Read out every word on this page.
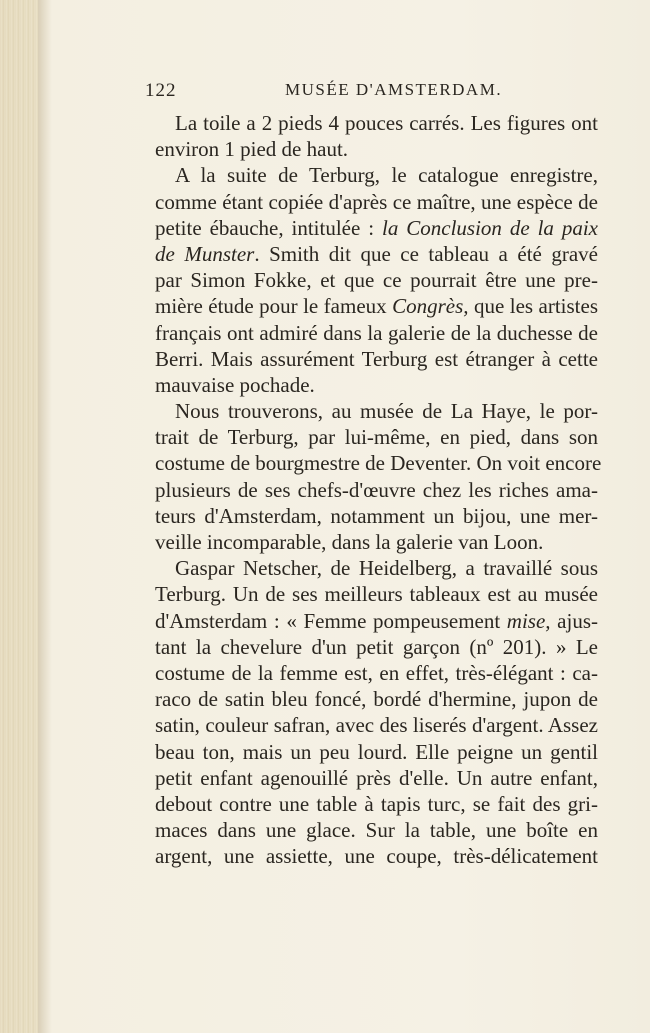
122	MUSÉE D'AMSTERDAM.
La toile a 2 pieds 4 pouces carrés. Les figures ont
environ 1 pied de haut.
A la suite de Terburg, le catalogue enregistre,
comme étant copiée d'après ce maître, une espèce de
petite ébauche, intitulée : la Conclusion de la paix
de Munster. Smith dit que ce tableau a été gravé
par Simon Fokke, et que ce pourrait être une pre-
mière étude pour le fameux Congrès, que les artistes
français ont admiré dans la galerie de la duchesse de
Berri. Mais assurément Terburg est étranger à cette
mauvaise pochade.
Nous trouverons, au musée de La Haye, le por-
trait de Terburg, par lui-même, en pied, dans son
costume de bourgmestre de Deventer. On voit encore
plusieurs de ses chefs-d'œuvre chez les riches ama-
teurs d'Amsterdam, notamment un bijou, une mer-
veille incomparable, dans la galerie van Loon.
Gaspar Netscher, de Heidelberg, a travaillé sous
Terburg. Un de ses meilleurs tableaux est au musée
d'Amsterdam : « Femme pompeusement mise, ajus-
tant la chevelure d'un petit garçon (nº 201). » Le
costume de la femme est, en effet, très-élégant : ca-
raco de satin bleu foncé, bordé d'hermine, jupon de
satin, couleur safran, avec des liserés d'argent. Assez
beau ton, mais un peu lourd. Elle peigne un gentil
petit enfant agenouillé près d'elle. Un autre enfant,
debout contre une table à tapis turc, se fait des gri-
maces dans une glace. Sur la table, une boîte en
argent, une assiette, une coupe, très-délicatement
